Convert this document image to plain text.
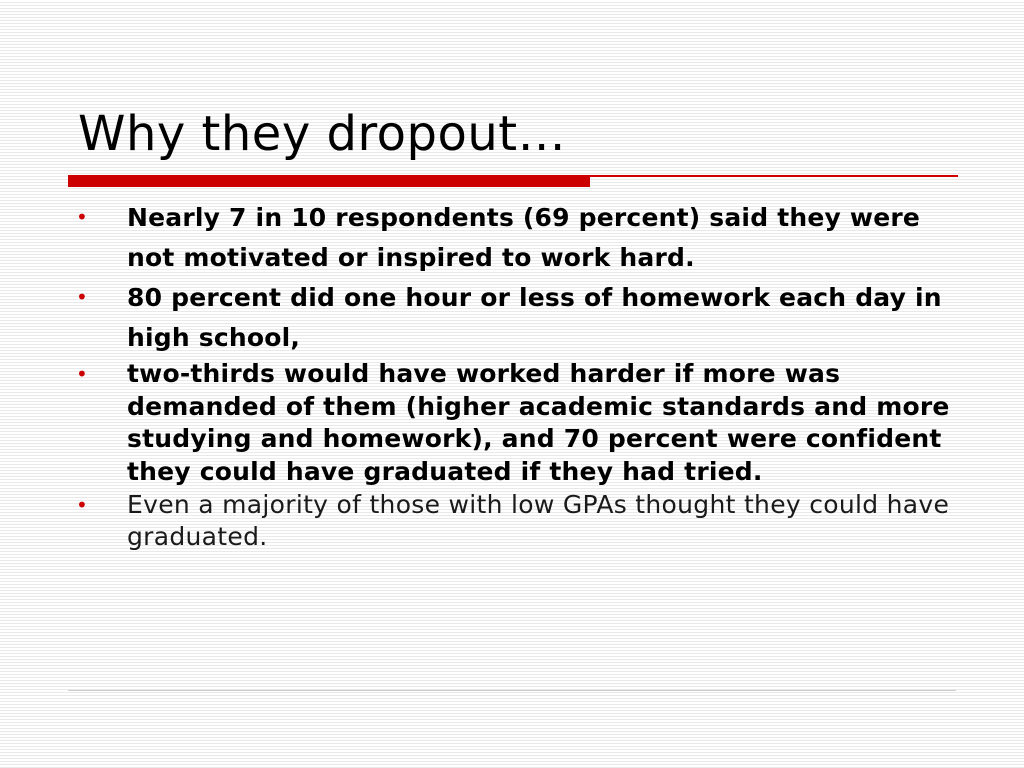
Why they dropout…
• Nearly 7 in 10 respondents (69 percent) said they were not motivated or inspired to work hard.
• 80 percent did one hour or less of homework each day in high school,
• two-thirds would have worked harder if more was demanded of them (higher academic standards and more studying and homework), and 70 percent were confident they could have graduated if they had tried.
• Even a majority of those with low GPAs thought they could have graduated.
